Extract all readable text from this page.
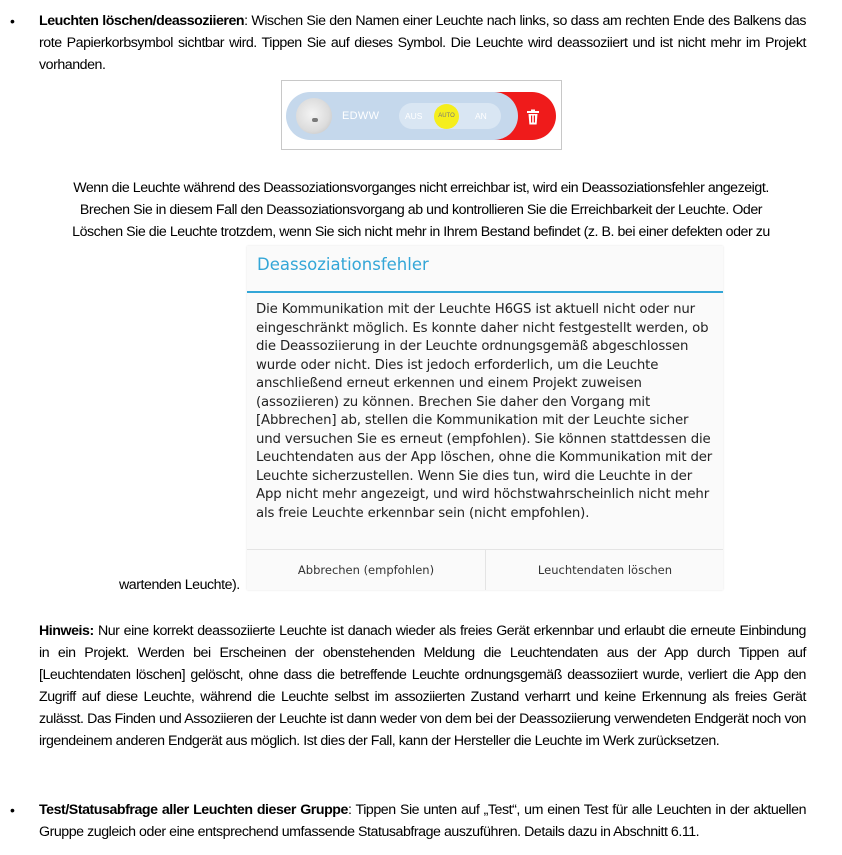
• Leuchten löschen/deassoziieren: Wischen Sie den Namen einer Leuchte nach links, so dass am rechten Ende des Balkens das rote Papierkorbsymbol sichtbar wird. Tippen Sie auf dieses Symbol. Die Leuchte wird deassoziiert und ist nicht mehr im Projekt vorhanden.
EDWW	AUS	AUTO	AN
Wenn die Leuchte während des Deassoziationsvorganges nicht erreichbar ist, wird ein Deassoziationsfehler angezeigt.
Brechen Sie in diesem Fall den Deassoziationsvorgang ab und kontrollieren Sie die Erreichbarkeit der Leuchte. Oder
Löschen Sie die Leuchte trotzdem, wenn Sie sich nicht mehr in Ihrem Bestand befindet (z. B. bei einer defekten oder zu
wartenden Leuchte).
Deassoziationsfehler
Die Kommunikation mit der Leuchte H6GS ist aktuell nicht oder nur eingeschränkt möglich. Es konnte daher nicht festgestellt werden, ob die Deassoziierung in der Leuchte ordnungsgemäß abgeschlossen wurde oder nicht. Dies ist jedoch erforderlich, um die Leuchte anschließend erneut erkennen und einem Projekt zuweisen (assoziieren) zu können. Brechen Sie daher den Vorgang mit [Abbrechen] ab, stellen die Kommunikation mit der Leuchte sicher und versuchen Sie es erneut (empfohlen). Sie können stattdessen die Leuchtendaten aus der App löschen, ohne die Kommunikation mit der Leuchte sicherzustellen. Wenn Sie dies tun, wird die Leuchte in der App nicht mehr angezeigt, und wird höchstwahrscheinlich nicht mehr als freie Leuchte erkennbar sein (nicht empfohlen).
Abbrechen (empfohlen)	Leuchtendaten löschen
Hinweis: Nur eine korrekt deassoziierte Leuchte ist danach wieder als freies Gerät erkennbar und erlaubt die erneute Einbindung in ein Projekt. Werden bei Erscheinen der obenstehenden Meldung die Leuchtendaten aus der App durch Tippen auf [Leuchtendaten löschen] gelöscht, ohne dass die betreffende Leuchte ordnungsgemäß deassoziiert wurde, verliert die App den Zugriff auf diese Leuchte, während die Leuchte selbst im assoziierten Zustand verharrt und keine Erkennung als freies Gerät zulässt. Das Finden und Assoziieren der Leuchte ist dann weder von dem bei der Deassoziierung verwendeten Endgerät noch von irgendeinem anderen Endgerät aus möglich. Ist dies der Fall, kann der Hersteller die Leuchte im Werk zurücksetzen.
• Test/Statusabfrage aller Leuchten dieser Gruppe: Tippen Sie unten auf „Test“, um einen Test für alle Leuchten in der aktuellen Gruppe zugleich oder eine entsprechend umfassende Statusabfrage auszuführen. Details dazu in Abschnitt 6.11.
